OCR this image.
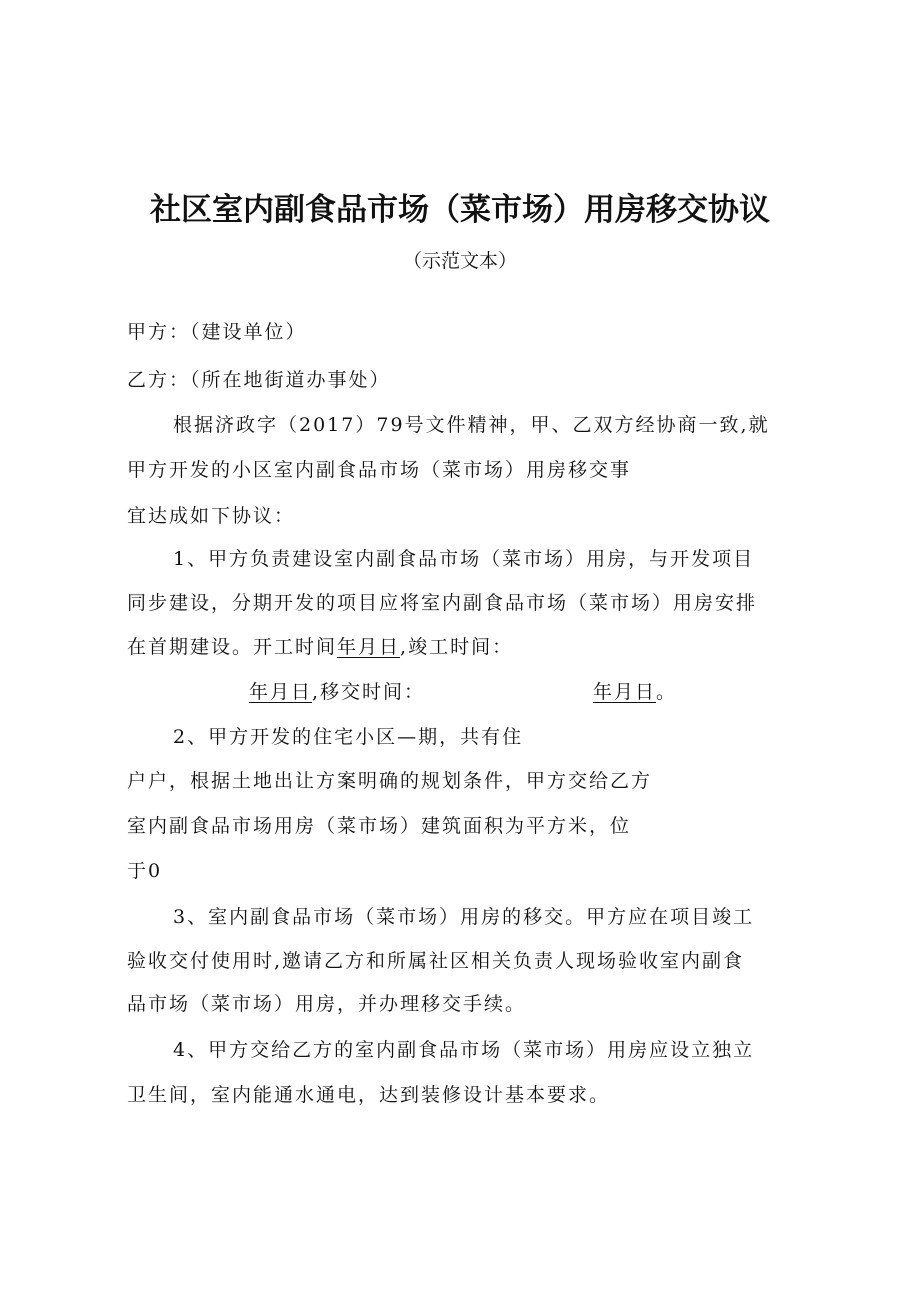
社区室内副食品市场（菜市场）用房移交协议
（示范文本）
甲方：（建设单位）
乙方：（所在地街道办事处）
根据济政字（2017）79号文件精神，甲、乙双方经协商一致,就
甲方开发的小区室内副食品市场（菜市场）用房移交事
宜达成如下协议：
1、甲方负责建设室内副食品市场（菜市场）用房，与开发项目
同步建设，分期开发的项目应将室内副食品市场（菜市场）用房安排
在首期建设。开工时间年月日,竣工时间：
年月日,移交时间：	年月日。
2、甲方开发的住宅小区—期，共有住
户户，根据土地出让方案明确的规划条件，甲方交给乙方
室内副食品市场用房（菜市场）建筑面积为平方米，位
于0
3、室内副食品市场（菜市场）用房的移交。甲方应在项目竣工
验收交付使用时,邀请乙方和所属社区相关负责人现场验收室内副食
品市场（菜市场）用房，并办理移交手续。
4、甲方交给乙方的室内副食品市场（菜市场）用房应设立独立
卫生间，室内能通水通电，达到装修设计基本要求。
